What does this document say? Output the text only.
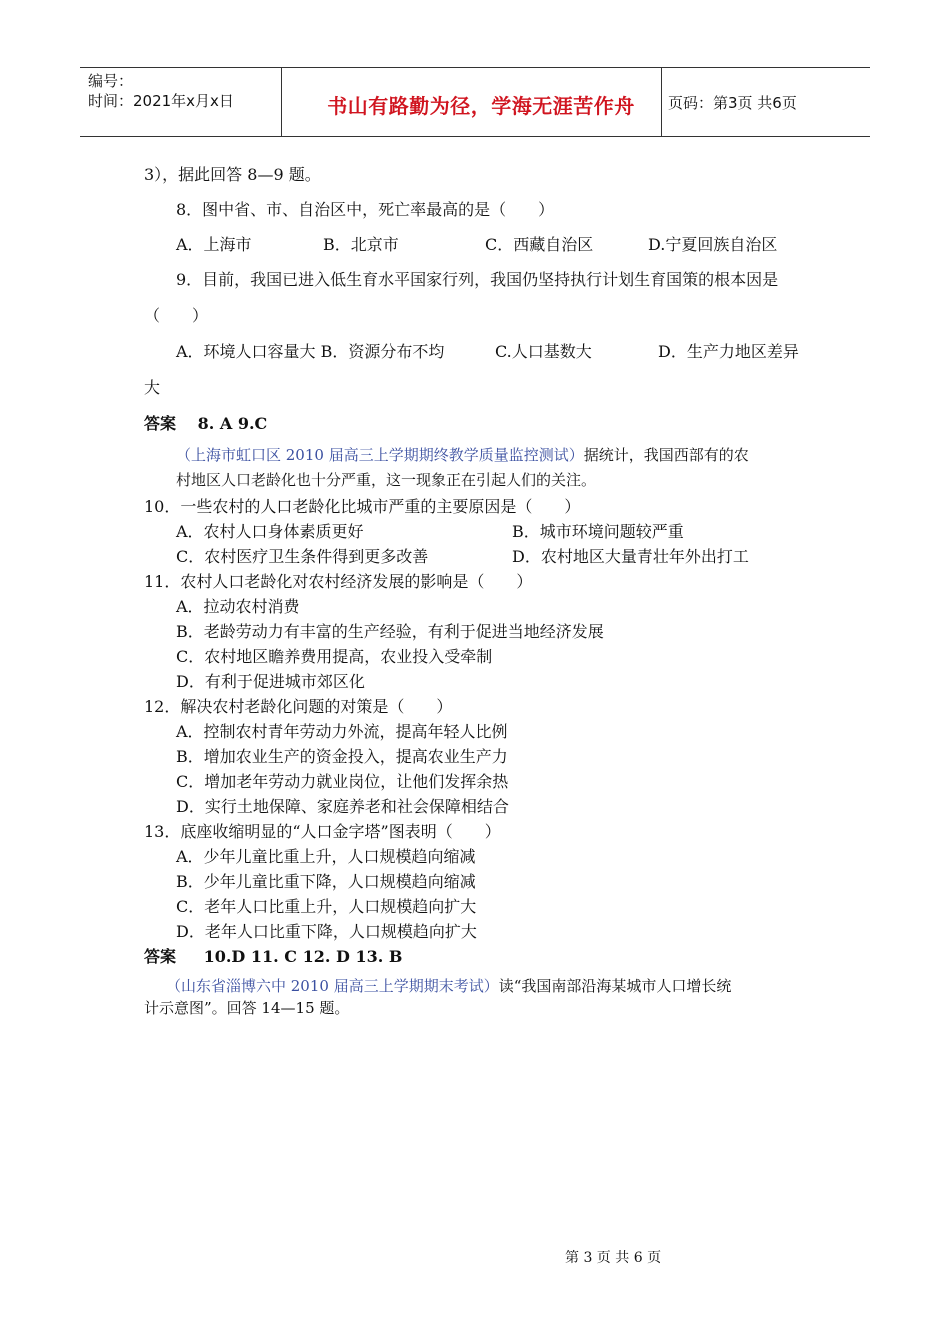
编号：
时间：2021年x月x日	书山有路勤为径，学海无涯苦作舟	页码：第3页 共6页
3），据此回答 8—9 题。
8．图中省、市、自治区中，死亡率最高的是（　　）
A．上海市	B．北京市	C．西藏自治区	D.宁夏回族自治区
9．目前，我国已进入低生育水平国家行列，我国仍坚持执行计划生育国策的根本因是
（　　）
A．环境人口容量大 B．资源分布不均	C.人口基数大	D．生产力地区差异
大
答案 8. A 9.C
（上海市虹口区 2010 届高三上学期期终教学质量监控测试）据统计，我国西部有的农
村地区人口老龄化也十分严重，这一现象正在引起人们的关注。
10．一些农村的人口老龄化比城市严重的主要原因是（　　）
A．农村人口身体素质更好	B．城市环境问题较严重
C．农村医疗卫生条件得到更多改善	D．农村地区大量青壮年外出打工
11．农村人口老龄化对农村经济发展的影响是（　　）
A．拉动农村消费
B．老龄劳动力有丰富的生产经验，有利于促进当地经济发展
C．农村地区瞻养费用提高，农业投入受牵制
D．有利于促进城市郊区化
12．解决农村老龄化问题的对策是（　　）
A．控制农村青年劳动力外流，提高年轻人比例
B．增加农业生产的资金投入，提高农业生产力
C．增加老年劳动力就业岗位，让他们发挥余热
D．实行土地保障、家庭养老和社会保障相结合
13．底座收缩明显的“人口金字塔”图表明（　　）
A．少年儿童比重上升，人口规模趋向缩减
B．少年儿童比重下降，人口规模趋向缩减
C．老年人口比重上升，人口规模趋向扩大
D．老年人口比重下降，人口规模趋向扩大
答案 10.D 11. C 12. D 13. B
（山东省淄博六中 2010 届高三上学期期末考试）读“我国南部沿海某城市人口增长统
计示意图”。回答 14—15 题。
第 3 页 共 6 页
